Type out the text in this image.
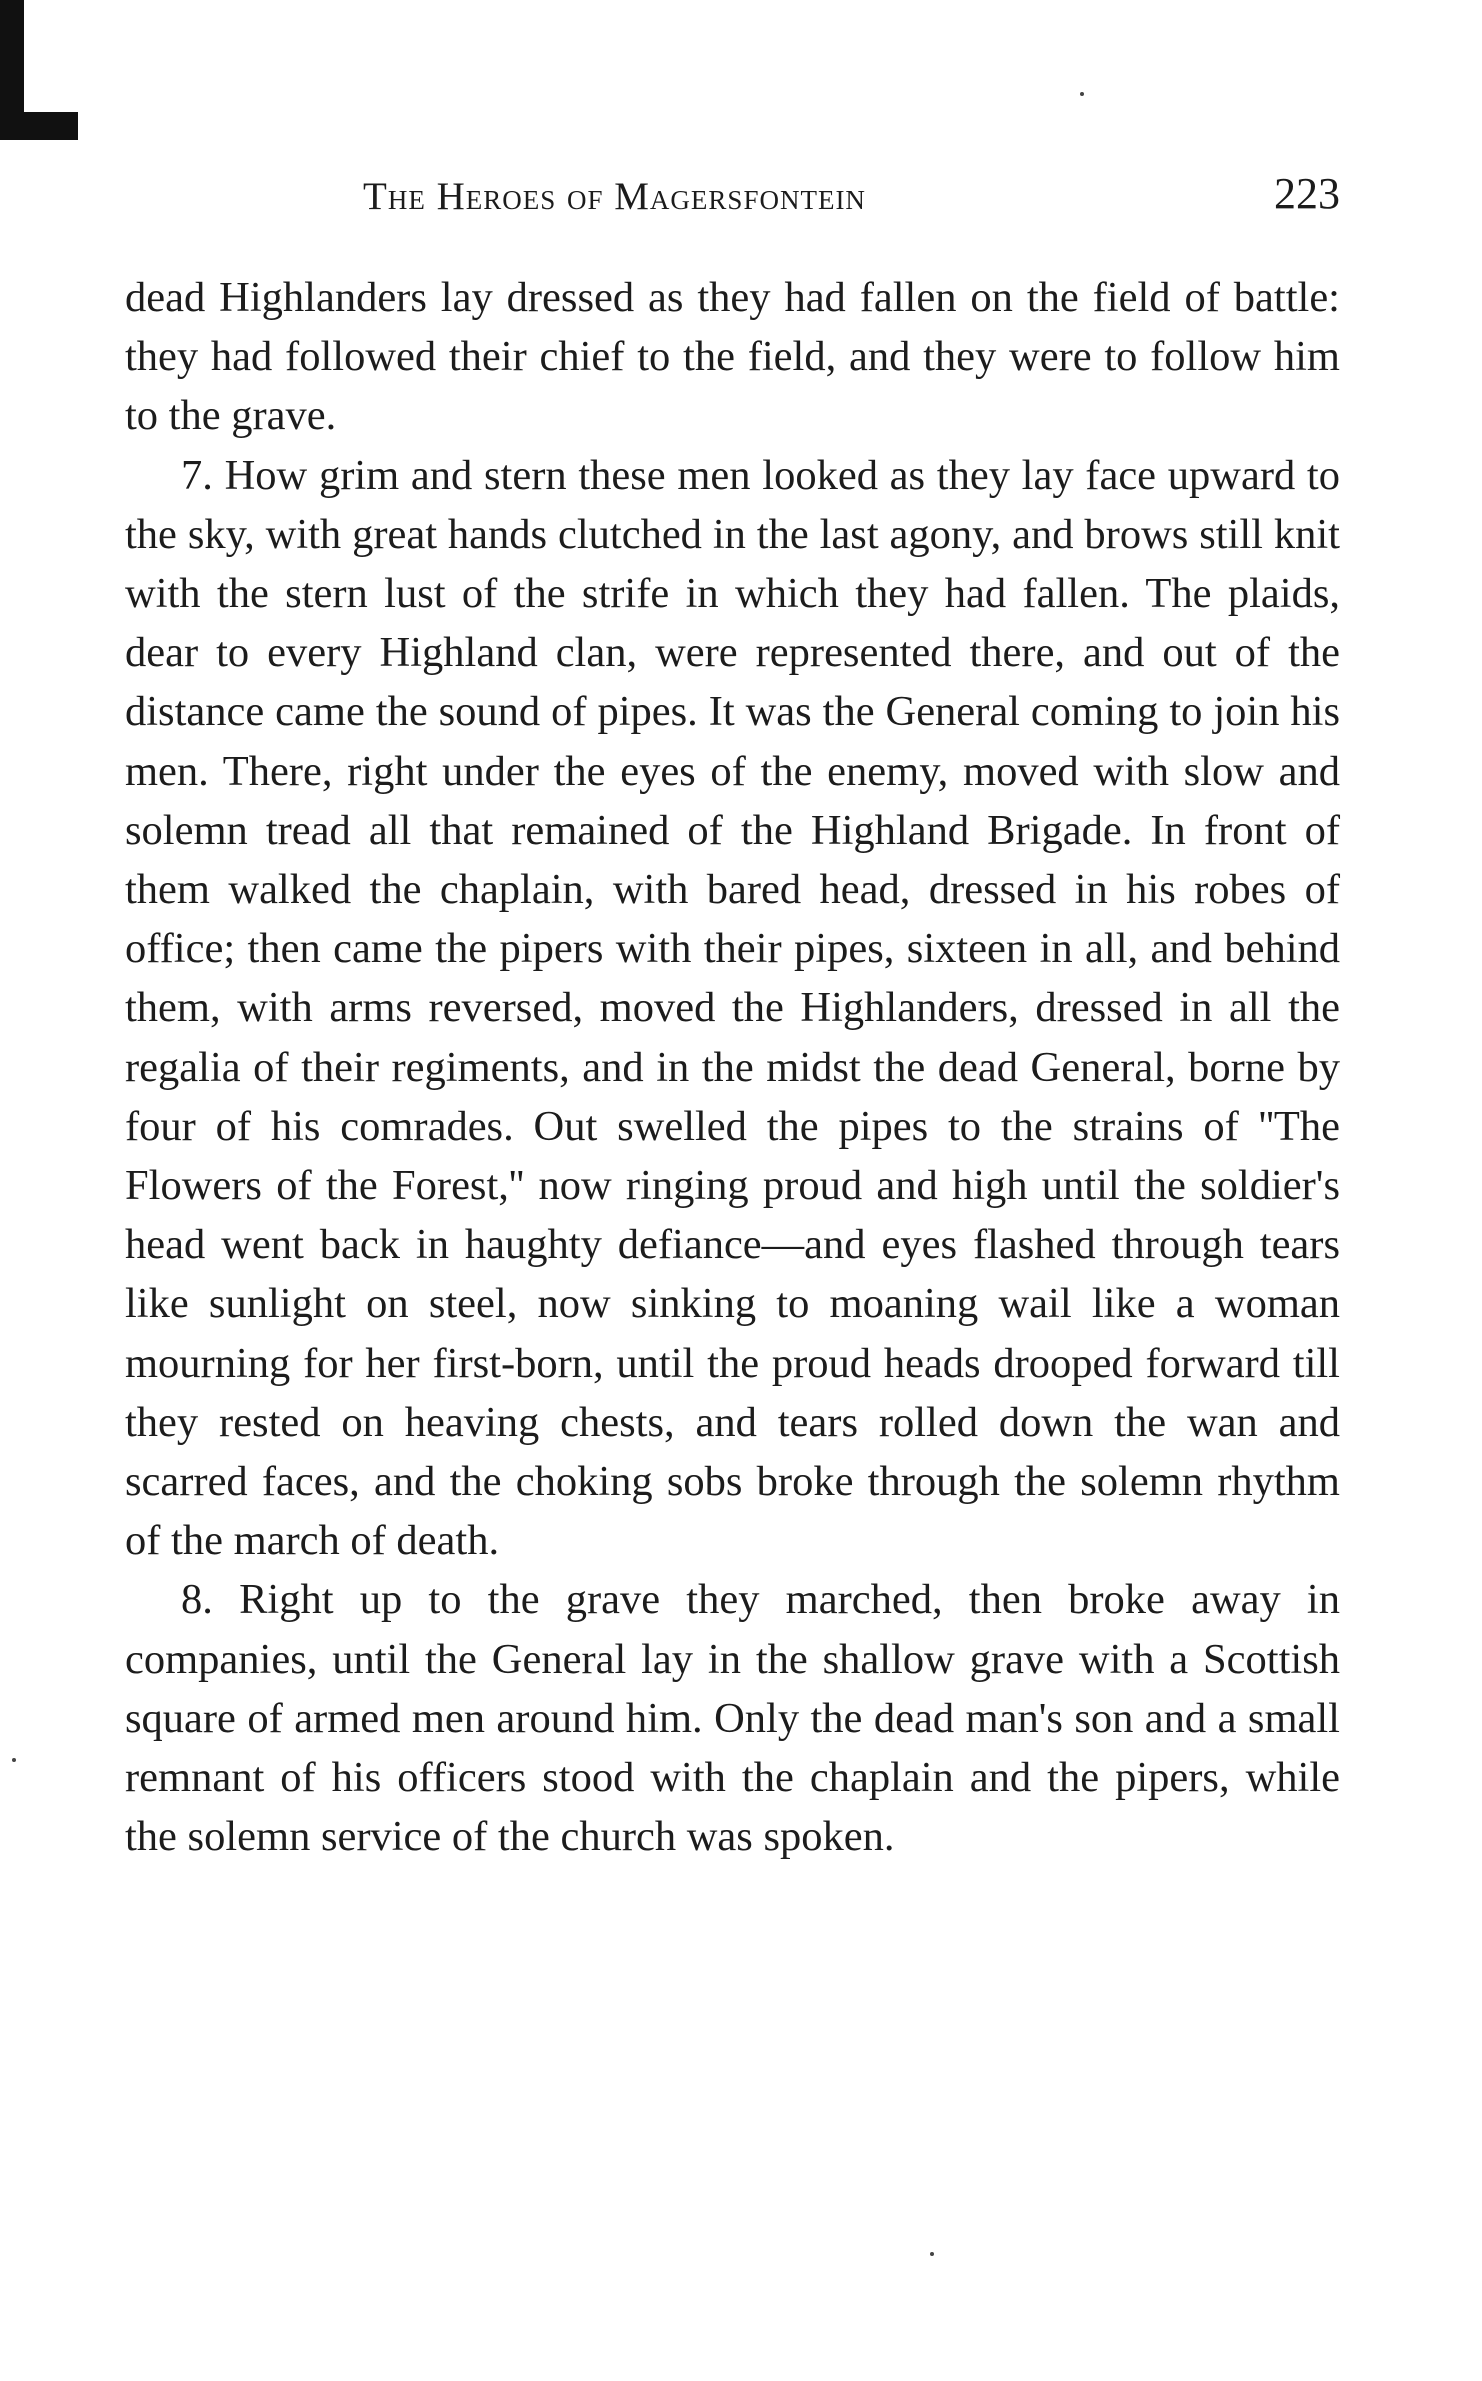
The Heroes of Magersfontein	223

dead Highlanders lay dressed as they had fallen on the field of battle: they had followed their chief to the field, and they were to follow him to the grave.

7. How grim and stern these men looked as they lay face upward to the sky, with great hands clutched in the last agony, and brows still knit with the stern lust of the strife in which they had fallen. The plaids, dear to every Highland clan, were represented there, and out of the distance came the sound of pipes. It was the General coming to join his men. There, right under the eyes of the enemy, moved with slow and solemn tread all that remained of the Highland Brigade. In front of them walked the chaplain, with bared head, dressed in his robes of office; then came the pipers with their pipes, sixteen in all, and behind them, with arms reversed, moved the Highlanders, dressed in all the regalia of their regiments, and in the midst the dead General, borne by four of his comrades. Out swelled the pipes to the strains of ''The Flowers of the Forest,'' now ringing proud and high until the soldier's head went back in haughty defiance—and eyes flashed through tears like sunlight on steel, now sinking to moaning wail like a woman mourning for her first-born, until the proud heads drooped forward till they rested on heaving chests, and tears rolled down the wan and scarred faces, and the choking sobs broke through the solemn rhythm of the march of death.

8. Right up to the grave they marched, then broke away in companies, until the General lay in the shallow grave with a Scottish square of armed men around him. Only the dead man's son and a small remnant of his officers stood with the chaplain and the pipers, while the solemn service of the church was spoken.
